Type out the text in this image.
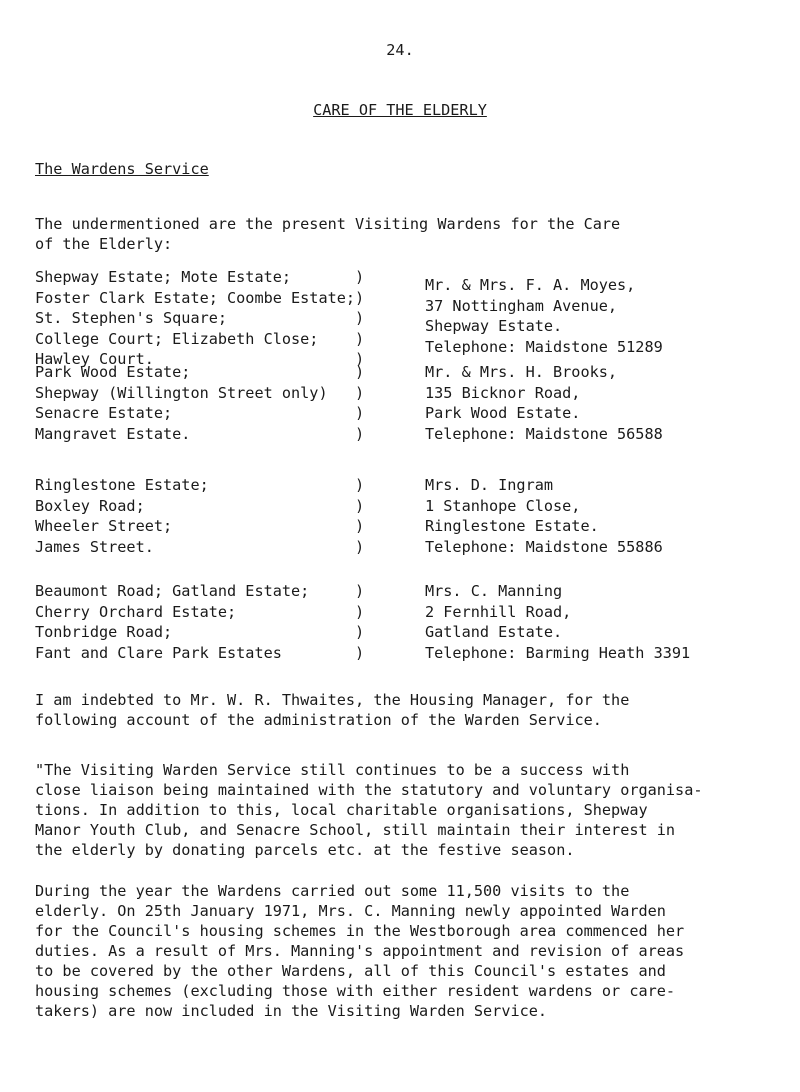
24.
CARE OF THE ELDERLY
The Wardens Service
The undermentioned are the present Visiting Wardens for the Care
of the Elderly:
Shepway Estate; Mote Estate;
Foster Clark Estate; Coombe Estate;
St. Stephen's Square;
College Court; Elizabeth Close;
Hawley Court.
)
)
)
)
)
Mr. & Mrs. F. A. Moyes,
37 Nottingham Avenue,
Shepway Estate.
Telephone: Maidstone 51289
Park Wood Estate;
Shepway (Willington Street only)
Senacre Estate;
Mangravet Estate.
)
)
)
)
Mr. & Mrs. H. Brooks,
135 Bicknor Road,
Park Wood Estate.
Telephone: Maidstone 56588
Ringlestone Estate;
Boxley Road;
Wheeler Street;
James Street.
)
)
)
)
Mrs. D. Ingram
1 Stanhope Close,
Ringlestone Estate.
Telephone: Maidstone 55886
Beaumont Road; Gatland Estate;
Cherry Orchard Estate;
Tonbridge Road;
Fant and Clare Park Estates
)
)
)
)
Mrs. C. Manning
2 Fernhill Road,
Gatland Estate.
Telephone: Barming Heath 3391
I am indebted to Mr. W. R. Thwaites, the Housing Manager, for the
following account of the administration of the Warden Service.
"The Visiting Warden Service still continues to be a success with
close liaison being maintained with the statutory and voluntary organisa-
tions. In addition to this, local charitable organisations, Shepway
Manor Youth Club, and Senacre School, still maintain their interest in
the elderly by donating parcels etc. at the festive season.
During the year the Wardens carried out some 11,500 visits to the
elderly. On 25th January 1971, Mrs. C. Manning newly appointed Warden
for the Council's housing schemes in the Westborough area commenced her
duties. As a result of Mrs. Manning's appointment and revision of areas
to be covered by the other Wardens, all of this Council's estates and
housing schemes (excluding those with either resident wardens or care-
takers) are now included in the Visiting Warden Service.
